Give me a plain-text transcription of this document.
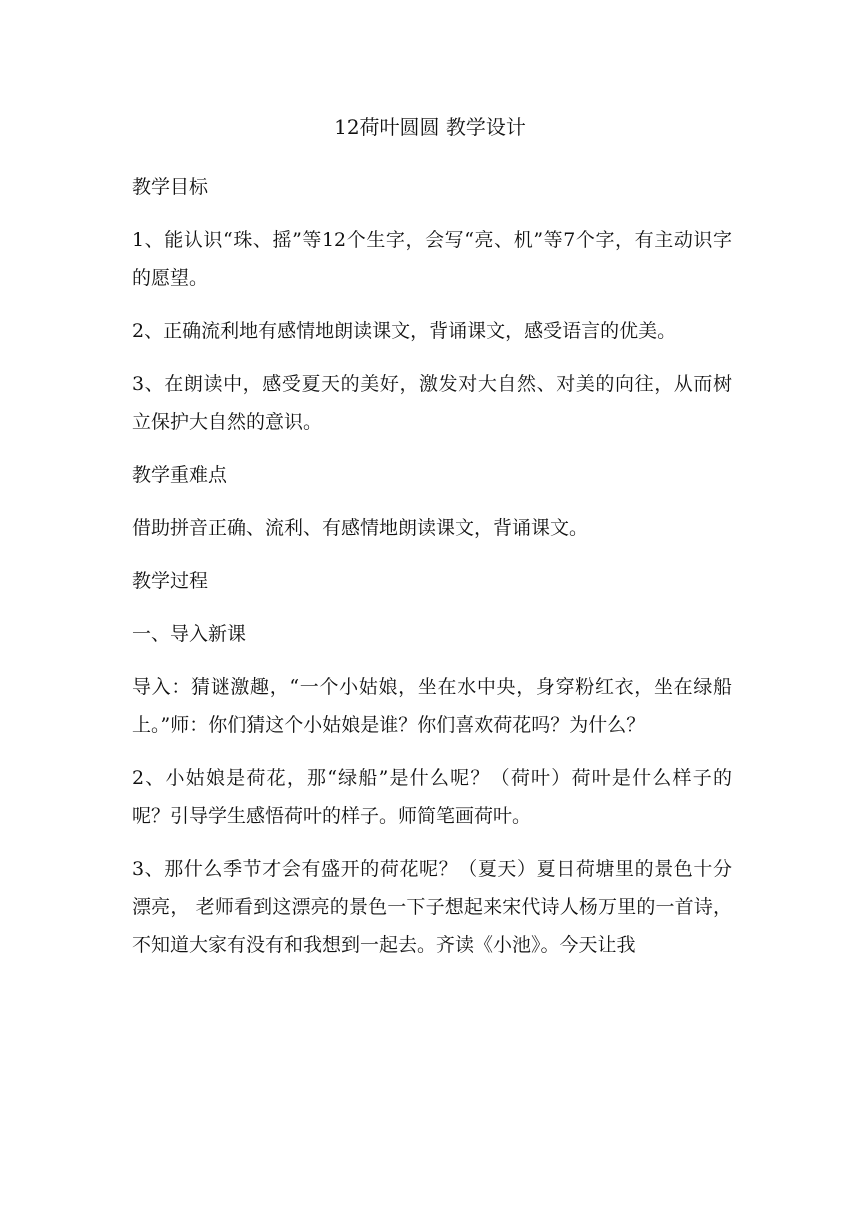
12荷叶圆圆 教学设计

教学目标

1、能认识“珠、摇”等12个生字，会写“亮、机”等7个字，有主动识字的愿望。

2、正确流利地有感情地朗读课文，背诵课文，感受语言的优美。

3、在朗读中，感受夏天的美好，激发对大自然、对美的向往，从而树立保护大自然的意识。

教学重难点

借助拼音正确、流利、有感情地朗读课文，背诵课文。

教学过程

一、导入新课

导入：猜谜激趣，“一个小姑娘，坐在水中央，身穿粉红衣，坐在绿船上。”师：你们猜这个小姑娘是谁？你们喜欢荷花吗？为什么？

2、小姑娘是荷花，那“绿船”是什么呢？（荷叶）荷叶是什么样子的呢？引导学生感悟荷叶的样子。师简笔画荷叶。

3、那什么季节才会有盛开的荷花呢？（夏天）夏日荷塘里的景色十分漂亮， 老师看到这漂亮的景色一下子想起来宋代诗人杨万里的一首诗，不知道大家有没有和我想到一起去。齐读《小池》。今天让我
